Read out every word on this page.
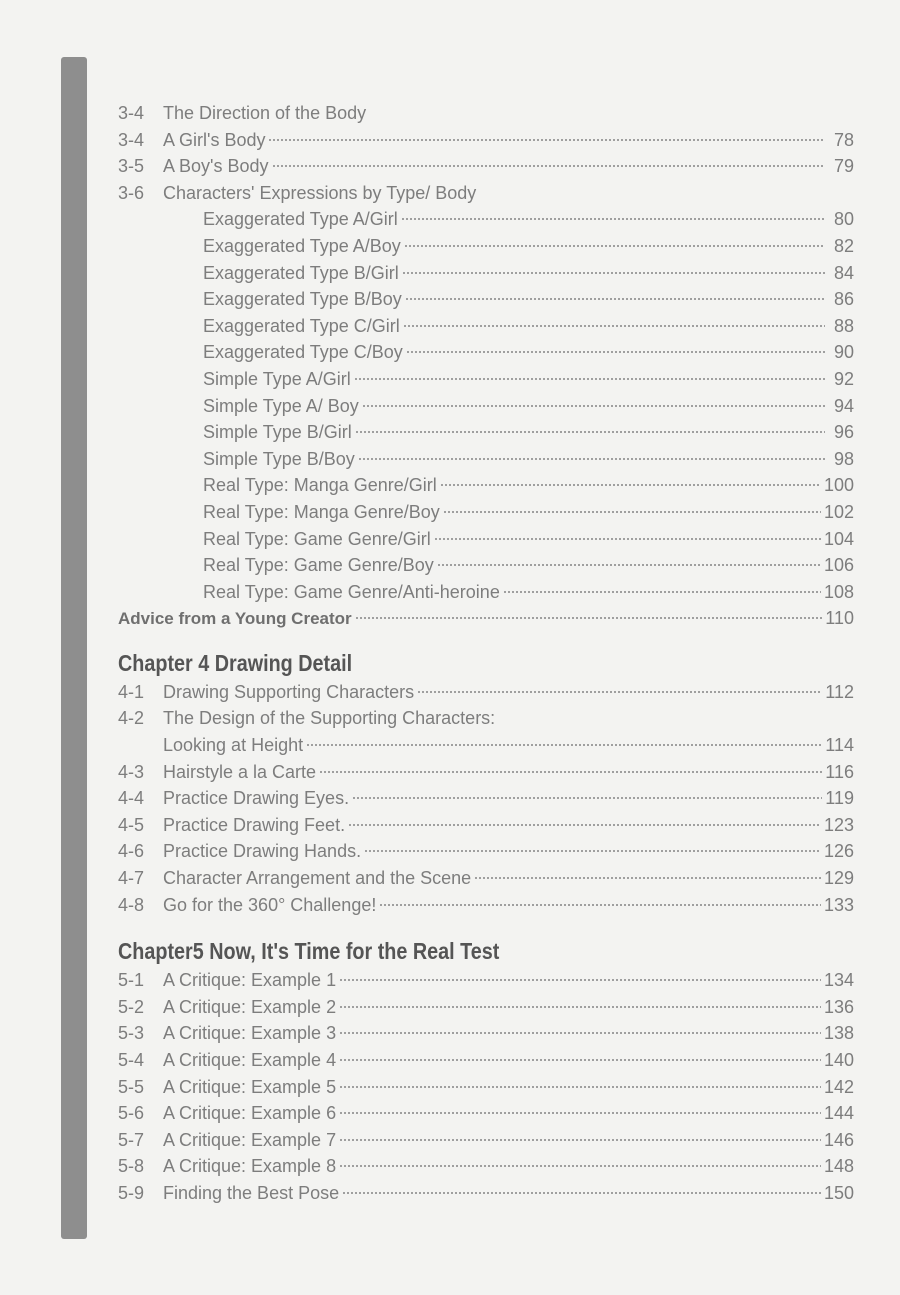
3-4	The Direction of the Body
3-4	A Girl's Body	78
3-5	A Boy's Body	79
3-6	Characters' Expressions by Type/ Body
Exaggerated Type A/Girl	80
Exaggerated Type A/Boy	82
Exaggerated Type B/Girl	84
Exaggerated Type B/Boy	86
Exaggerated Type C/Girl	88
Exaggerated Type C/Boy	90
Simple Type A/Girl	92
Simple Type A/ Boy	94
Simple Type B/Girl	96
Simple Type B/Boy	98
Real Type: Manga Genre/Girl	100
Real Type: Manga Genre/Boy	102
Real Type: Game Genre/Girl	104
Real Type: Game Genre/Boy	106
Real Type: Game Genre/Anti-heroine	108
Advice from a Young Creator	110
Chapter 4 Drawing Detail
4-1	Drawing Supporting Characters	112
4-2	The Design of the Supporting Characters:
Looking at Height	114
4-3	Hairstyle a la Carte	116
4-4	Practice Drawing Eyes.	119
4-5	Practice Drawing Feet.	123
4-6	Practice Drawing Hands.	126
4-7	Character Arrangement and the Scene	129
4-8	Go for the 360° Challenge!	133
Chapter5 Now, It's Time for the Real Test
5-1	A Critique: Example 1	134
5-2	A Critique: Example 2	136
5-3	A Critique: Example 3	138
5-4	A Critique: Example 4	140
5-5	A Critique: Example 5	142
5-6	A Critique: Example 6	144
5-7	A Critique: Example 7	146
5-8	A Critique: Example 8	148
5-9	Finding the Best Pose	150
